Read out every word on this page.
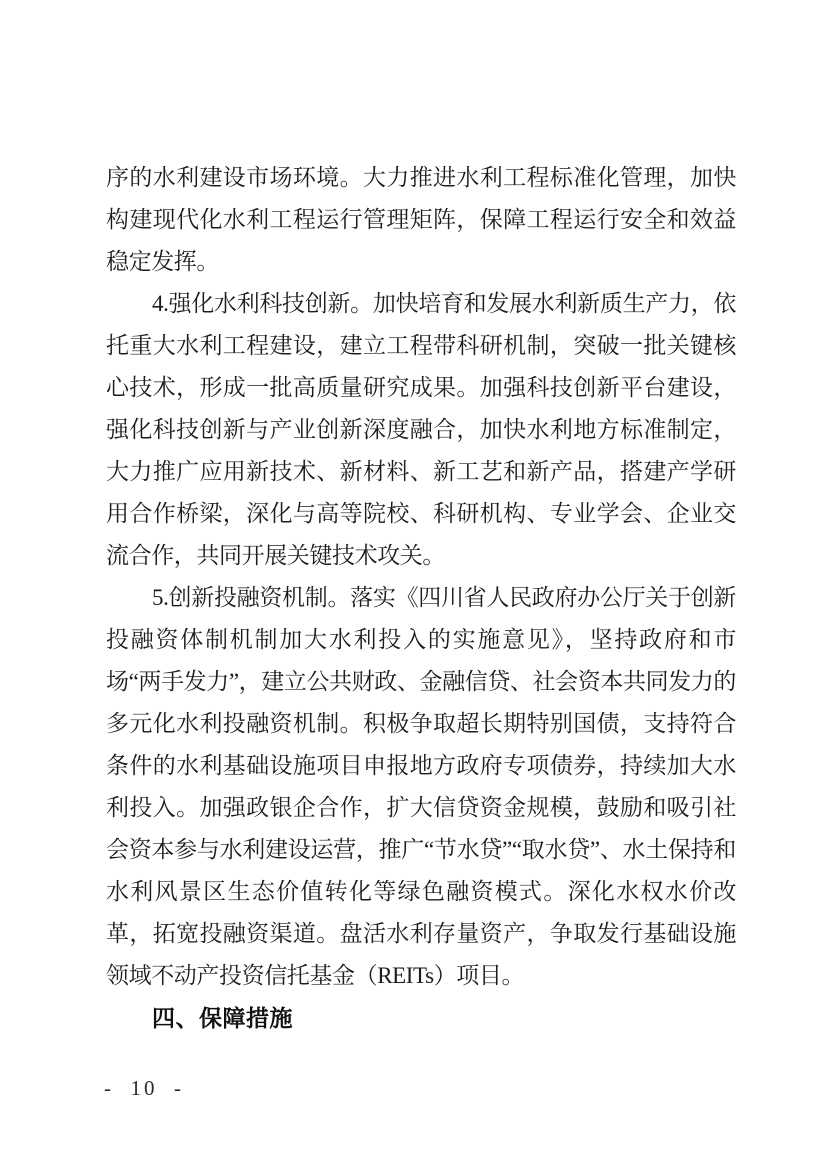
序的水利建设市场环境。大力推进水利工程标准化管理，加快构建现代化水利工程运行管理矩阵，保障工程运行安全和效益稳定发挥。

4.强化水利科技创新。加快培育和发展水利新质生产力，依托重大水利工程建设，建立工程带科研机制，突破一批关键核心技术，形成一批高质量研究成果。加强科技创新平台建设，强化科技创新与产业创新深度融合，加快水利地方标准制定，大力推广应用新技术、新材料、新工艺和新产品，搭建产学研用合作桥梁，深化与高等院校、科研机构、专业学会、企业交流合作，共同开展关键技术攻关。

5.创新投融资机制。落实《四川省人民政府办公厅关于创新投融资体制机制加大水利投入的实施意见》，坚持政府和市场“两手发力”，建立公共财政、金融信贷、社会资本共同发力的多元化水利投融资机制。积极争取超长期特别国债，支持符合条件的水利基础设施项目申报地方政府专项债券，持续加大水利投入。加强政银企合作，扩大信贷资金规模，鼓励和吸引社会资本参与水利建设运营，推广“节水贷”“取水贷”、水土保持和水利风景区生态价值转化等绿色融资模式。深化水权水价改革，拓宽投融资渠道。盘活水利存量资产，争取发行基础设施领域不动产投资信托基金（REITs）项目。

四、保障措施
-  10  -
